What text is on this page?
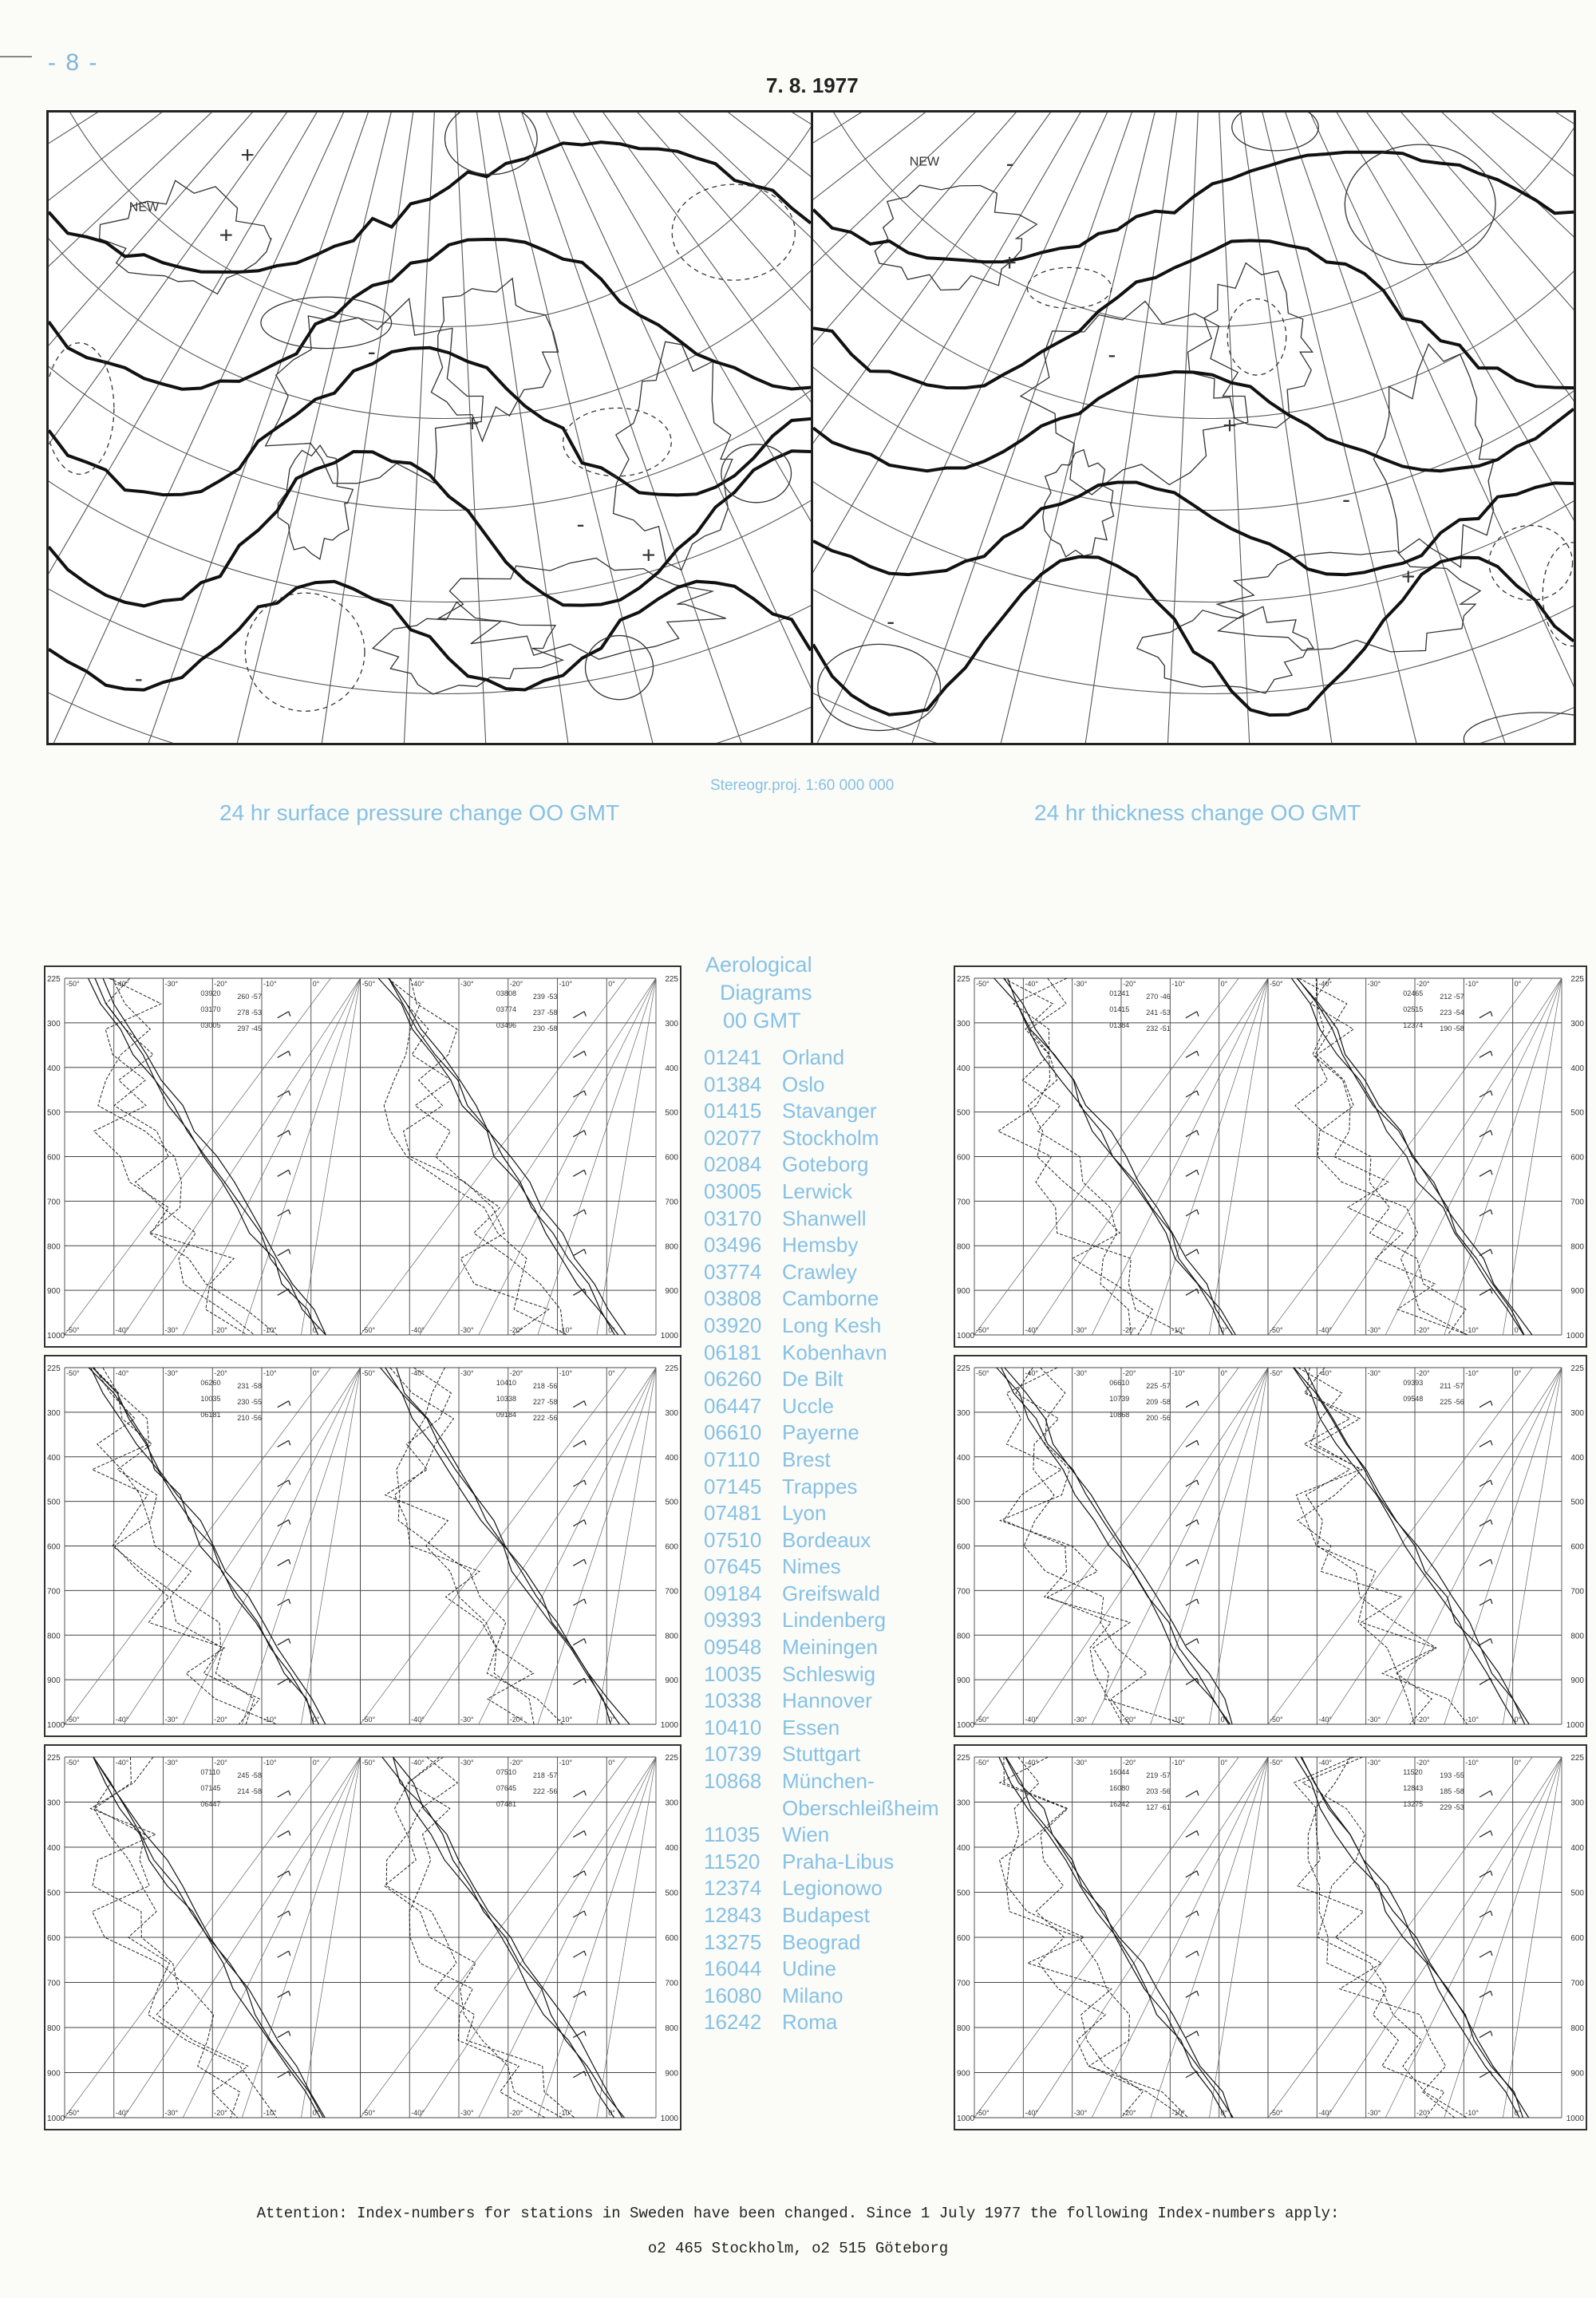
- 8 -
7. 8. 1977
NEW
+
-
+
-
+
-
+	NEW
+
-
+
-
+
-
-
Stereogr.proj. 1:60 000 000
24 hr surface pressure change OO GMT	24 hr thickness change OO GMT
225	225
300	300
400	400
500	500
600	600
700	700
800	800
900	900
1000	1000
-50°
-50°
-40°
-40°
-30°
-30°
-20°
-20°
-10°
-10°
0°
0°
-50°
-50°
-40°
-40°
-30°
-30°
-20°
-20°
-10°
-10°
0°
0°
03920 260 -57
03170 278 -53
03005 297 -45
03808 239 -53
03774 237 -58
03496 230 -58
225	225
300	300
400	400
500	500
600	600
700	700
800	800
900	900
1000	1000
-50°
-50°
-40°
-40°
-30°
-30°
-20°
-20°
-10°
-10°
0°
0°
-50°
-50°
-40°
-40°
-30°
-30°
-20°
-20°
-10°
-10°
0°
0°
06260 231 -58
10035 230 -55
06181 210 -56
10410 218 -56
10338 227 -58
09184 222 -56
225	225
300	300
400	400
500	500
600	600
700	700
800	800
900	900
1000	1000
-50°
-50°
-40°
-40°
-30°
-30°
-20°
-20°
-10°
-10°
0°
0°
-50°
-50°
-40°
-40°
-30°
-30°
-20°
-20°
-10°
-10°
0°
0°
07110 245 -58
07145 214 -58
06447
07510 218 -57
07645 222 -56
07481
225	225
300	300
400	400
500	500
600	600
700	700
800	800
900	900
1000	1000
-50°
-50°
-40°
-40°
-30°
-30°
-20°
-20°
-10°
-10°
0°
0°
-50°
-50°
-40°
-40°
-30°
-30°
-20°
-20°
-10°
-10°
0°
0°
01241 270 -46
01415 241 -53
01384 232 -51
02465 212 -57
02515 223 -54
12374 190 -58
225	225
300	300
400	400
500	500
600	600
700	700
800	800
900	900
1000	1000
-50°
-50°
-40°
-40°
-30°
-30°
-20°
-20°
-10°
-10°
0°
0°
-50°
-50°
-40°
-40°
-30°
-30°
-20°
-20°
-10°
-10°
0°
0°
06610 225 -57
10739 209 -58
10868 200 -56
09393 211 -57
09548 225 -56
225	225
300	300
400	400
500	500
600	600
700	700
800	800
900	900
1000	1000
-50°
-50°
-40°
-40°
-30°
-30°
-20°
-20°
-10°
-10°
0°
0°
-50°
-50°
-40°
-40°
-30°
-30°
-20°
-20°
-10°
-10°
0°
0°
16044 219 -57
16080 203 -56
16242 127 -61
11520 193 -55
12843 185 -58
13275 229 -53
Aerological
Diagrams
00 GMT
01241 Orland
01384 Oslo
01415 Stavanger
02077 Stockholm
02084 Goteborg
03005 Lerwick
03170 Shanwell
03496 Hemsby
03774 Crawley
03808 Camborne
03920 Long Kesh
06181 Kobenhavn
06260 De Bilt
06447 Uccle
06610 Payerne
07110	Brest
07145 Trappes
07481 Lyon
07510 Bordeaux
07645 Nimes
09184 Greifswald
09393 Lindenberg
09548 Meiningen
10035 Schleswig
10338 Hannover
10410 Essen
10739 Stuttgart
10868 München-
Oberschleißheim
11035	Wien
11520	Praha-Libus
12374 Legionowo
12843 Budapest
13275 Beograd
16044 Udine
16080 Milano
16242 Roma
Attention: Index-numbers for stations in Sweden have been changed. Since 1 July 1977 the following Index-numbers apply:
o2 465 Stockholm, o2 515 Göteborg
